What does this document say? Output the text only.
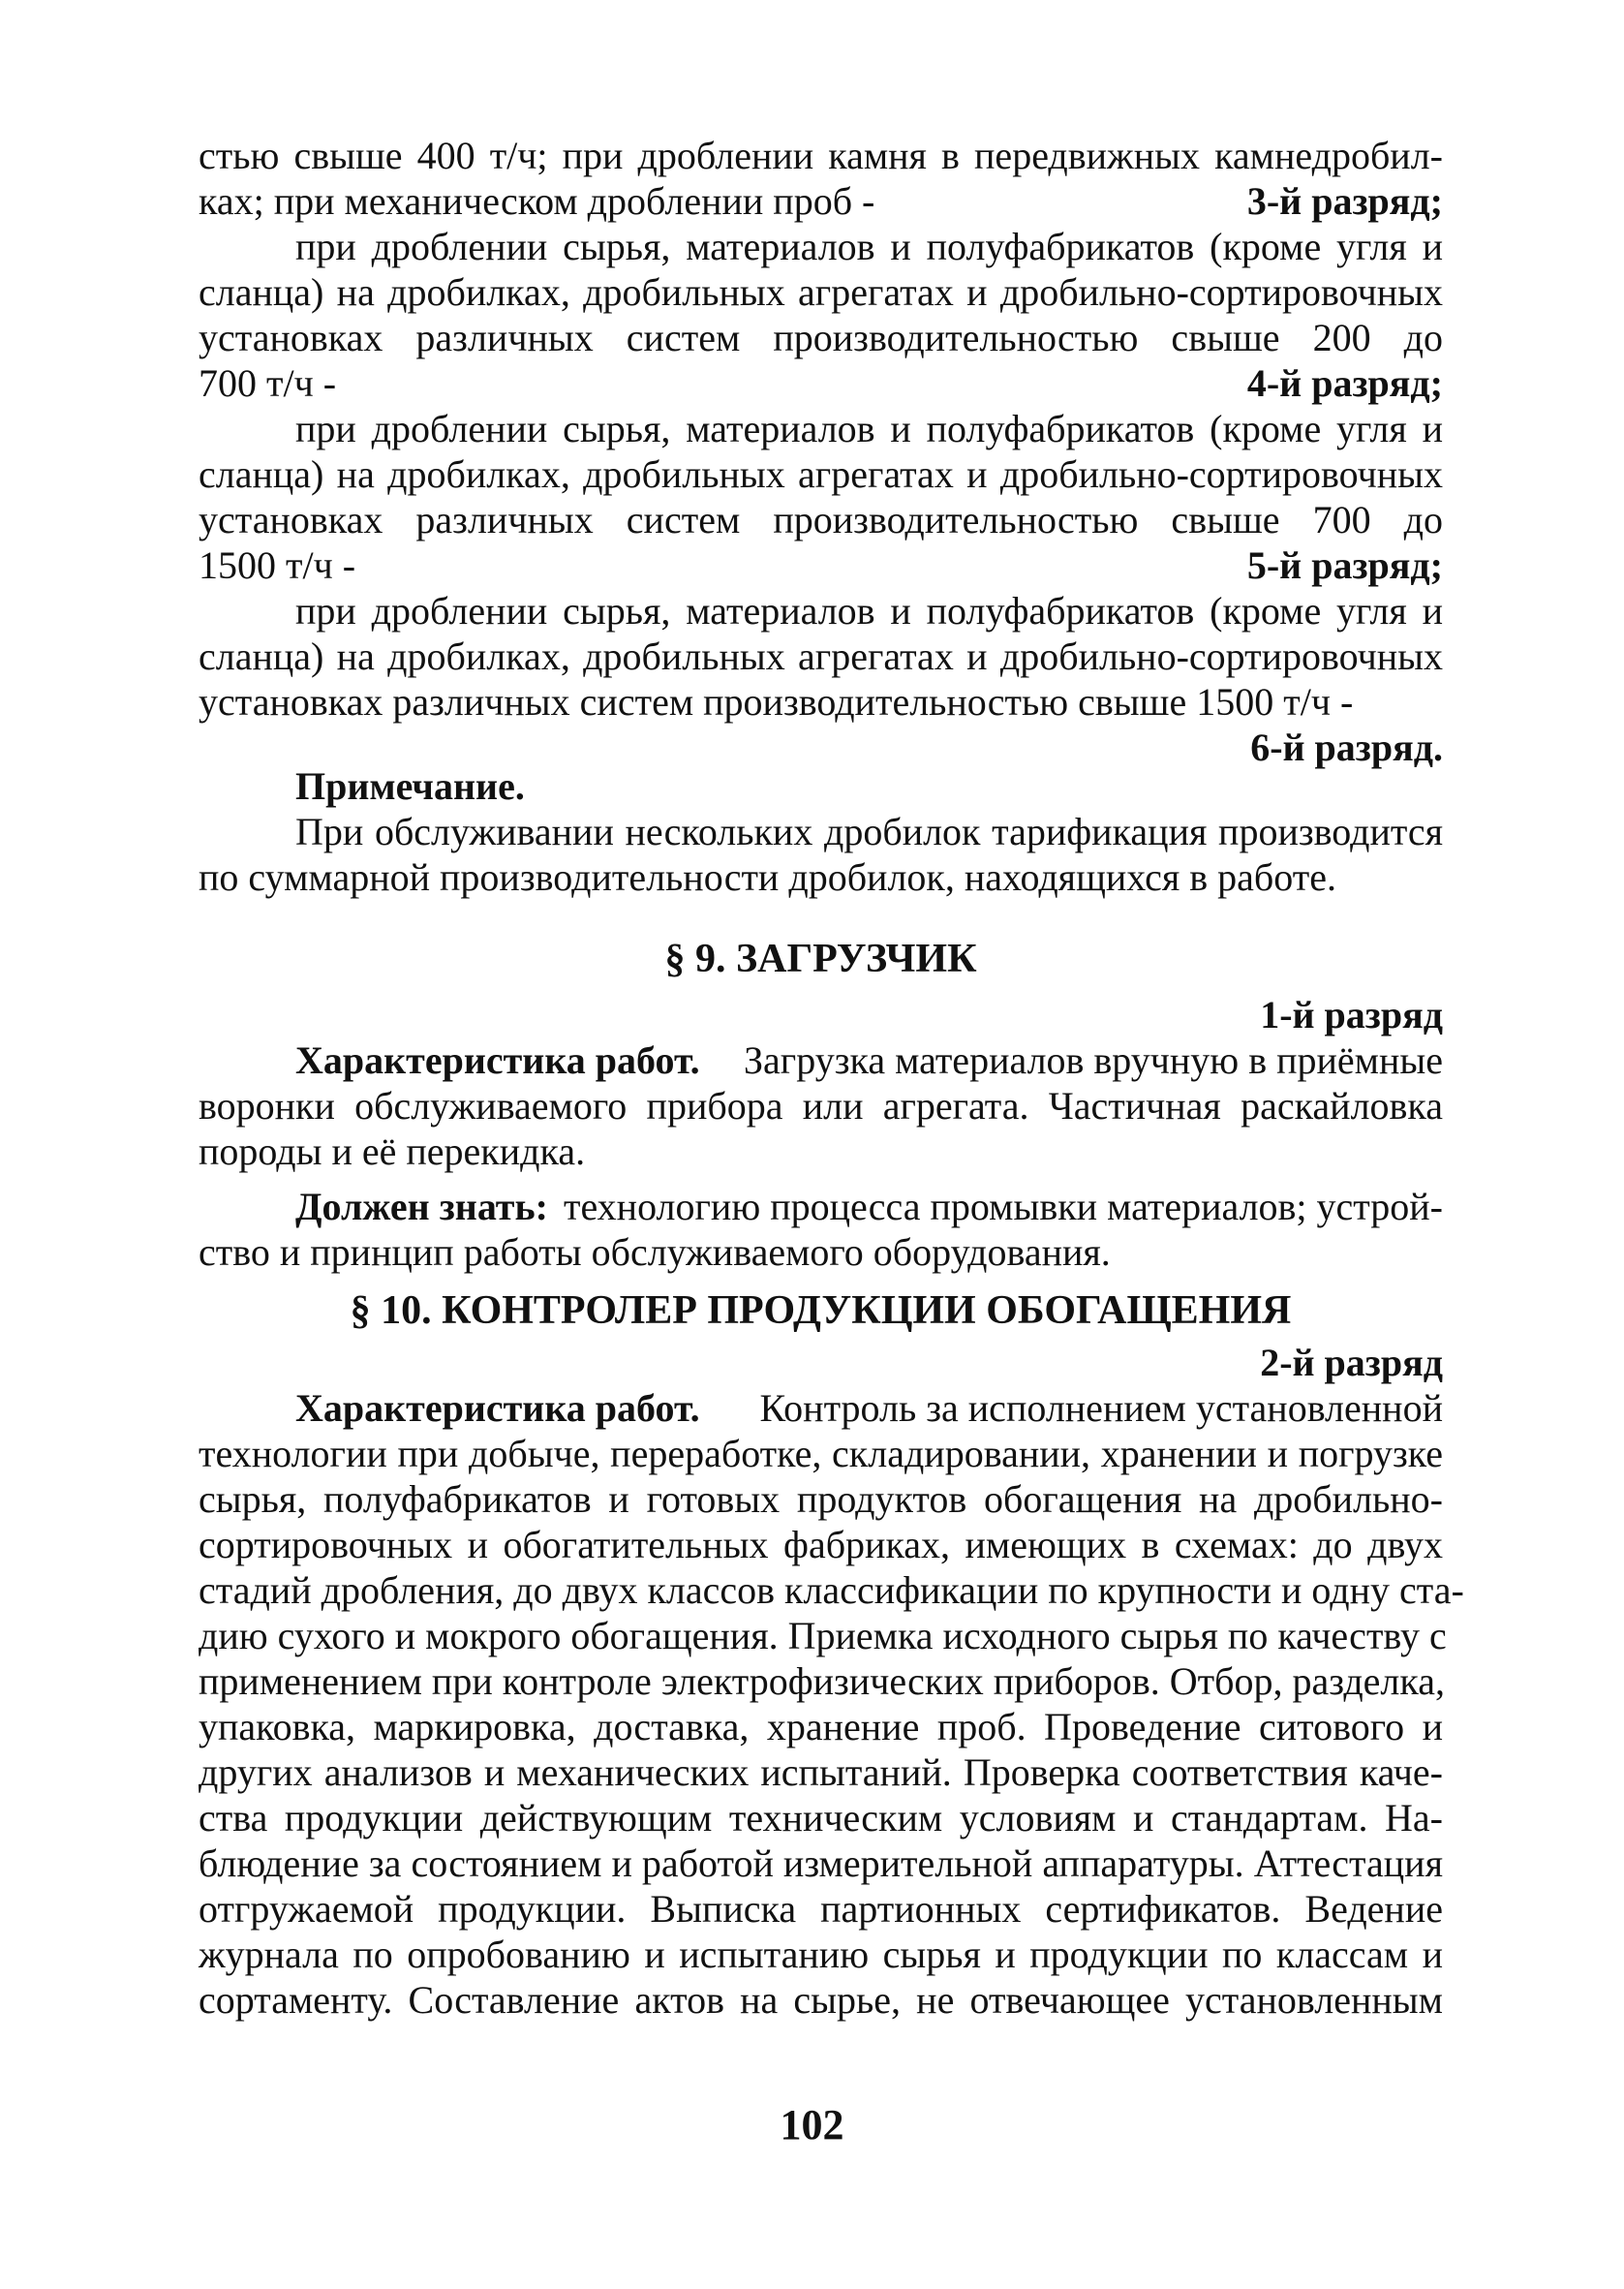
стью свыше 400 т/ч; при дроблении камня в передвижных камнедробил-
ках; при механическом дроблении проб -	3-й разряд;
при дроблении сырья, материалов и полуфабрикатов (кроме угля и
сланца) на дробилках, дробильных агрегатах и дробильно-сортировочных
установках различных систем производительностью свыше 200 до
700 т/ч -	4-й разряд;
при дроблении сырья, материалов и полуфабрикатов (кроме угля и
сланца) на дробилках, дробильных агрегатах и дробильно-сортировочных
установках различных систем производительностью свыше 700 до
1500 т/ч -	5-й разряд;
при дроблении сырья, материалов и полуфабрикатов (кроме угля и
сланца) на дробилках, дробильных агрегатах и дробильно-сортировочных
установках различных систем производительностью свыше 1500 т/ч -
6-й разряд.
Примечание.
При обслуживании нескольких дробилок тарификация производится
по суммарной производительности дробилок, находящихся в работе.
§ 9. ЗАГРУЗЧИК
1-й разряд
Характеристика работ. Загрузка материалов вручную в приёмные
воронки обслуживаемого прибора или агрегата. Частичная раскайловка
породы и её перекидка.
Должен знать: технологию процесса промывки материалов; устрой-
ство и принцип работы обслуживаемого оборудования.
§ 10. КОНТРОЛЕР ПРОДУКЦИИ ОБОГАЩЕНИЯ
2-й разряд
Характеристика работ. Контроль за исполнением установленной
технологии при добыче, переработке, складировании, хранении и погрузке
сырья, полуфабрикатов и готовых продуктов обогащения на дробильно-
сортировочных и обогатительных фабриках, имеющих в схемах: до двух
стадий дробления, до двух классов классификации по крупности и одну ста-
дию сухого и мокрого обогащения. Приемка исходного сырья по качеству с
применением при контроле электрофизических приборов. Отбор, разделка,
упаковка, маркировка, доставка, хранение проб. Проведение ситового и
других анализов и механических испытаний. Проверка соответствия каче-
ства продукции действующим техническим условиям и стандартам. На-
блюдение за состоянием и работой измерительной аппаратуры. Аттестация
отгружаемой продукции. Выписка партионных сертификатов. Ведение
журнала по опробованию и испытанию сырья и продукции по классам и
сортаменту. Составление актов на сырье, не отвечающее установленным
102
